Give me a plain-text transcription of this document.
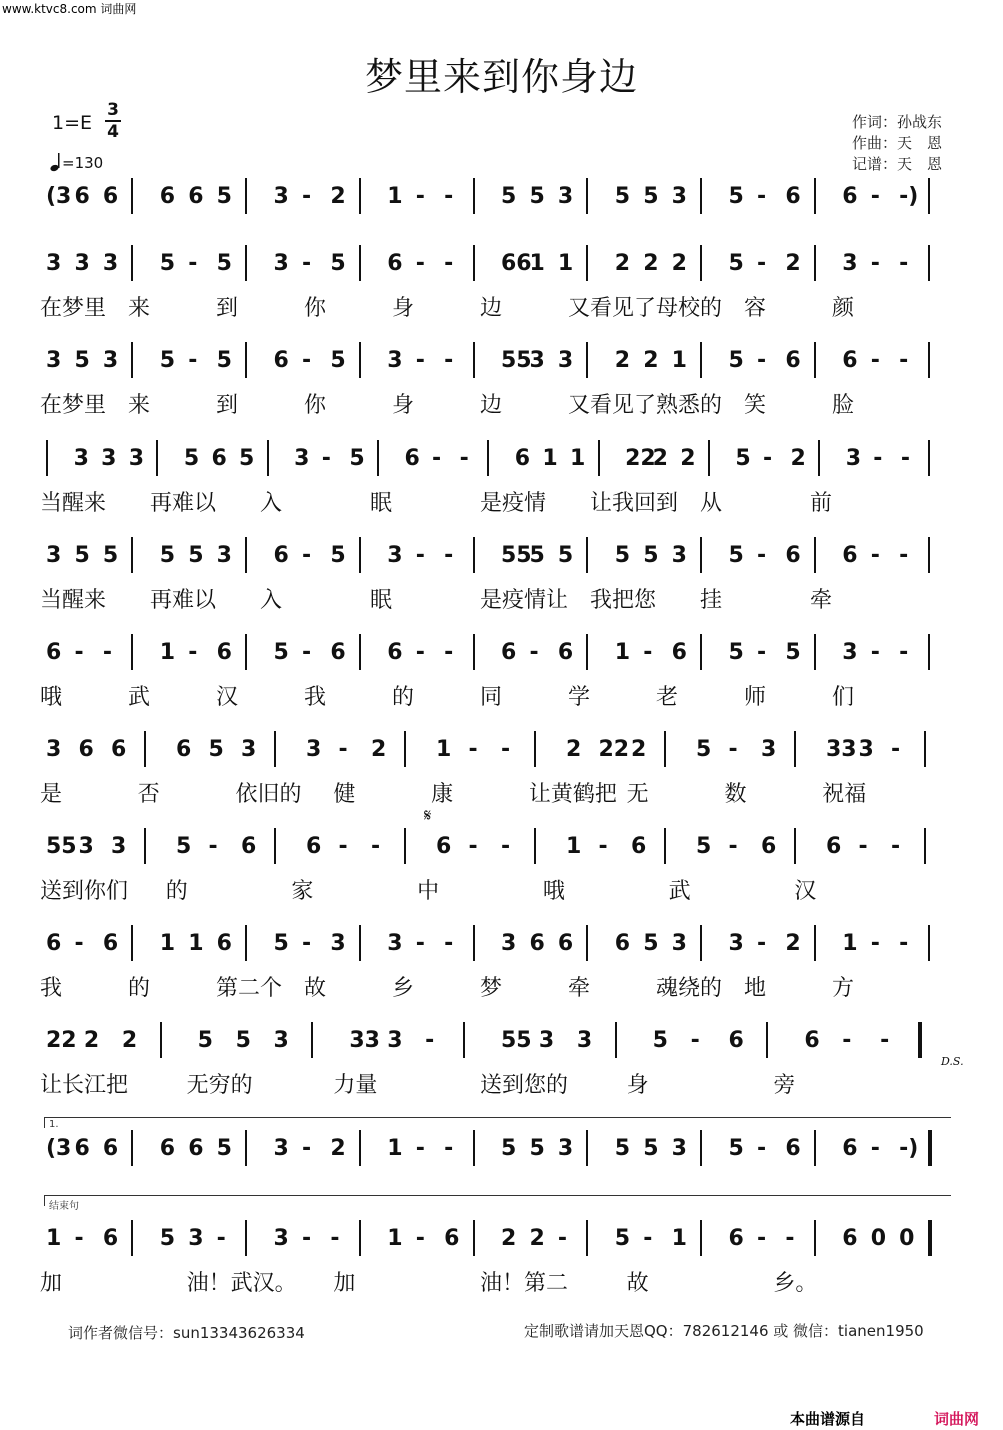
www.ktvc8.com 词曲网
梦里来到你身边
1=E
3
4
=130
作词：孙战东
作曲：天　恩
记谱：天　恩
(3 6 6 6 6 5 3 - 2 1 - - 5 5 3 5 5 3 5 - 6 6 - -)
3 3 3 5 - 5 3 - 5 6 - - 66
1 1 2 2 2 5 - 2 3 - -
在梦里 来	到	你	身	边	又看见了 母校的 容	颜
3 5 3 5 - 5 6 - 5 3 - - 55
3 3 2 2 1 5 - 6 6 - -
在梦里 来	到	你	身	边	又看见了 熟悉的 笑	脸
3 3 3 5 6 5 3 - 5 6 - - 6 1 1 22
2 2 5 - 2 3 - -
当醒来 再难以 入	眠	是疫情 让我回到 从	前
3 5 5 5 5 3 6 - 5 3 - - 55
5 5 5 5 3 5 - 6 6 - -
当醒来 再难以 入	眠	是疫情让 我把您 挂	牵
6 - - 1 - 6 5 - 6 6 - - 6 - 6 1 - 6 5 - 5 3 - -
哦	武	汉	我	的	同	学	老	师	们
3 6 6 6 5 3 3 - 2 1 - -	2 22 2 5 - 3 33 3 -
是	否	依旧的 健	康	让黄鹤把 无	数	祝福
55 3 3 5 - 6 6 - -	6 - -	1 - 6 5 - 6 6 - -
送到你们 的	家	中	哦	武	汉
6 - 6 1 1 6 5 - 3 3 - - 3 6 6 6 5 3 3 - 2 1 - -
我	的	第二个 故	乡	梦	牵	魂绕的 地	方
22 2 2	5 5 3	33 3 -	55 3 3	5 - 6	6 - -
让长江把	无穷的	力量	送到您的	身	旁
(3 6 6 6 6 5 3 - 2 1 - - 5 5 3 5 5 3 5 - 6 6 - -)
1 - 6 5 3 - 3 - - 1 - 6 2 2 - 5 - 1 6 - - 6 0 0
加	油！武汉。 加	油！第二	故	乡。
𝄋
D.S.
1.
结束句
词作者微信号：sun13343626334	定制歌谱请加天恩QQ：782612146 或 微信：tianen1950
本曲谱源自	词曲网
